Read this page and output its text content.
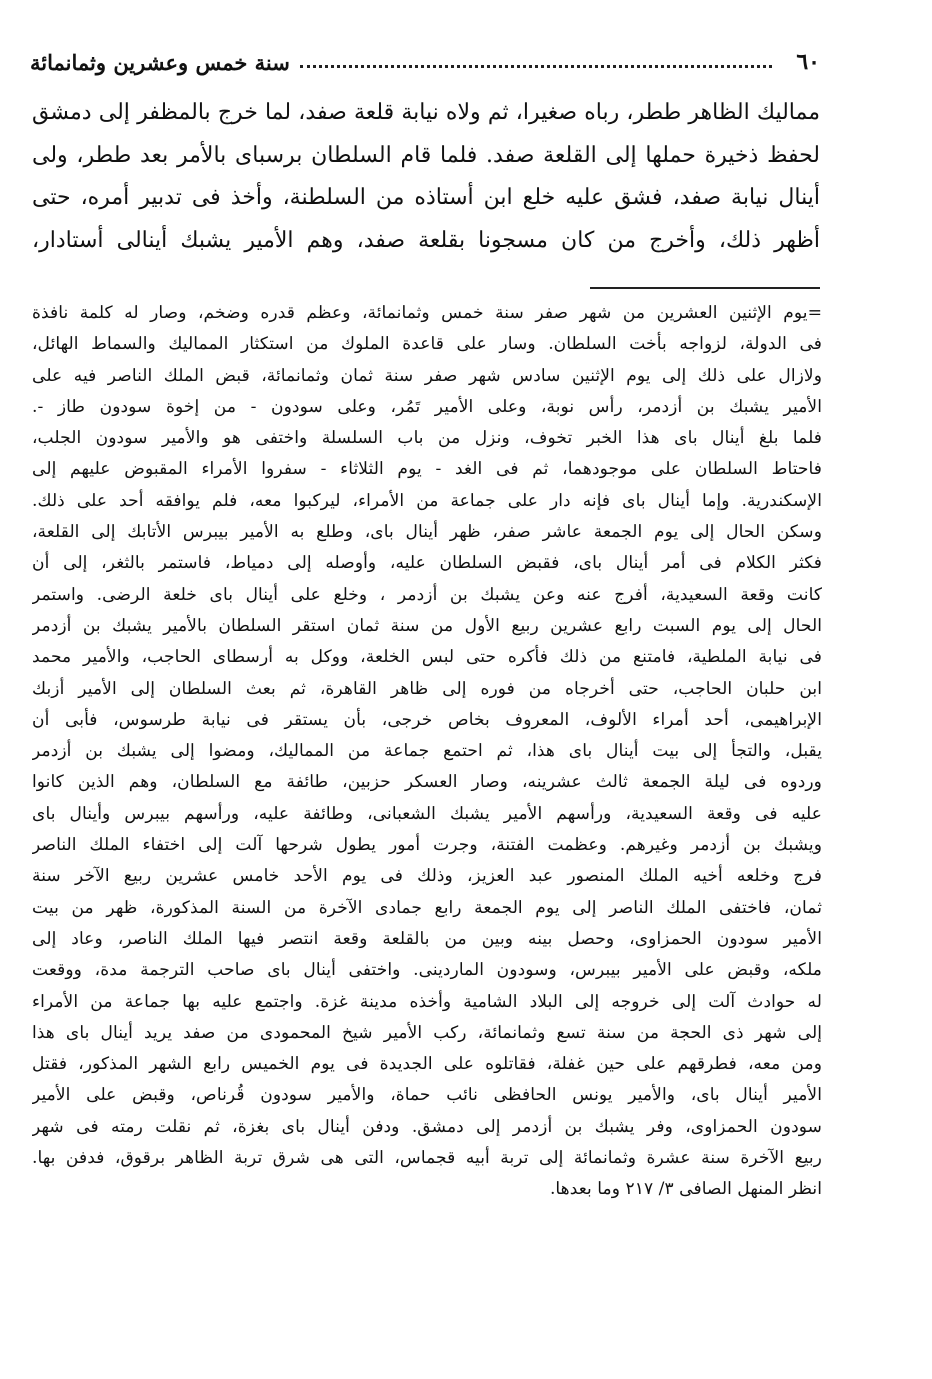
٦٠
سنة خمس وعشرين وثمانمائة
مماليك الظاهر ططر، رباه صغيرا، ثم ولاه نيابة قلعة صفد، لما خرج بالمظفر إلى دمشق
لحفظ ذخيرة حملها إلى القلعة صفد. فلما قام السلطان برسباى بالأمر بعد ططر، ولى
أينال نيابة صفد، فشق عليه خلع ابن أستاذه من السلطنة، وأخذ فى تدبير أمره، حتى
أظهر ذلك، وأخرج من كان مسجونا بقلعة صفد، وهم الأمير يشبك أينالى أستادار،
=يوم الإثنين العشرين من شهر صفر سنة خمس وثمانمائة، وعظم قدره وضخم، وصار له كلمة نافذة
فى الدولة، لزواجه بأخت السلطان. وسار على قاعدة الملوك من استكثار المماليك والسماط الهائل،
ولازال على ذلك إلى يوم الإثنين سادس شهر صفر سنة ثمان وثمانمائة، قبض الملك الناصر فيه على
الأمير يشبك بن أزدمر، رأس نوبة، وعلى الأمير تَمُر، وعلى سودون - من إخوة سودون طاز -.
فلما بلغ أينال باى هذا الخبر تخوف، ونزل من باب السلسلة واختفى هو والأمير سودون الجلب،
فاحتاط السلطان على موجودهما، ثم فى الغد - يوم الثلاثاء - سفروا الأمراء المقبوض عليهم إلى
الإسكندرية. وإما أينال باى فإنه دار على جماعة من الأمراء، ليركبوا معه، فلم يوافقه أحد على ذلك.
وسكن الحال إلى يوم الجمعة عاشر صفر، ظهر أينال باى، وطلع به الأمير بيبرس الأتابك إلى القلعة،
فكثر الكلام فى أمر أينال باى، فقبض السلطان عليه، وأوصله إلى دمياط، فاستمر بالثغر، إلى أن
كانت وقعة السعيدية، أفرج عنه وعن يشبك بن أزدمر ، وخلع على أينال باى خلعة الرضى. واستمر
الحال إلى يوم السبت رابع عشرين ربيع الأول من سنة ثمان استقر السلطان بالأمير يشبك بن أزدمر
فى نيابة الملطية، فامتنع من ذلك فأكره حتى لبس الخلعة، ووكل به أرسطاى الحاجب، والأمير محمد
ابن حلبان الحاجب، حتى أخرجاه من فوره إلى ظاهر القاهرة، ثم بعث السلطان إلى الأمير أزبك
الإبراهيمى، أحد أمراء الألوف، المعروف بخاص خرجى، بأن يستقر فى نيابة طرسوس، فأبى أن
يقبل، والتجأ إلى بيت أينال باى هذا، ثم احتمع جماعة من المماليك، ومضوا إلى يشبك بن أزدمر
وردوه فى ليلة الجمعة ثالث عشرينه، وصار العسكر حزبين، طائفة مع السلطان، وهم الذين كانوا
عليه فى وقعة السعيدية، ورأسهم الأمير يشبك الشعبانى، وطائفة عليه، ورأسهم بيبرس وأينال باى
ويشبك بن أزدمر وغيرهم. وعظمت الفتنة، وجرت أمور يطول شرحها آلت إلى اختفاء الملك الناصر
فرج وخلعه أخيه الملك المنصور عبد العزيز، وذلك فى يوم الأحد خامس عشرين ربيع الآخر سنة
ثمان، فاختفى الملك الناصر إلى يوم الجمعة رابع جمادى الآخرة من السنة المذكورة، ظهر من بيت
الأمير سودون الحمزاوى، وحصل بينه وبين من بالقلعة وقعة انتصر فيها الملك الناصر، وعاد إلى
ملكه، وقبض على الأمير بيبرس، وسودون الماردينى. واختفى أينال باى صاحب الترجمة مدة، ووقعت
له حوادث آلت إلى خروجه إلى البلاد الشامية وأخذه مدينة غزة. واجتمع عليه بها جماعة من الأمراء
إلى شهر ذى الحجة من سنة تسع وثمانمائة، ركب الأمير شيخ المحمودى من صفد يريد أينال باى هذا
ومن معه، فطرقهم على حين غفلة، فقاتلوه على الجديدة فى يوم الخميس رابع الشهر المذكور، فقتل
الأمير أينال باى، والأمير يونس الحافظى نائب حماة، والأمير سودون قُرناص، وقبض على الأمير
سودون الحمزاوى، وفر يشبك بن أزدمر إلى دمشق. ودفن أينال باى بغزة، ثم نقلت رمته فى شهر
ربيع الآخرة سنة عشرة وثمانمائة إلى تربة أبيه قجماس، التى هى شرق تربة الظاهر برقوق، فدفن بها.
انظر المنهل الصافى ٣/ ٢١٧ وما بعدها.
